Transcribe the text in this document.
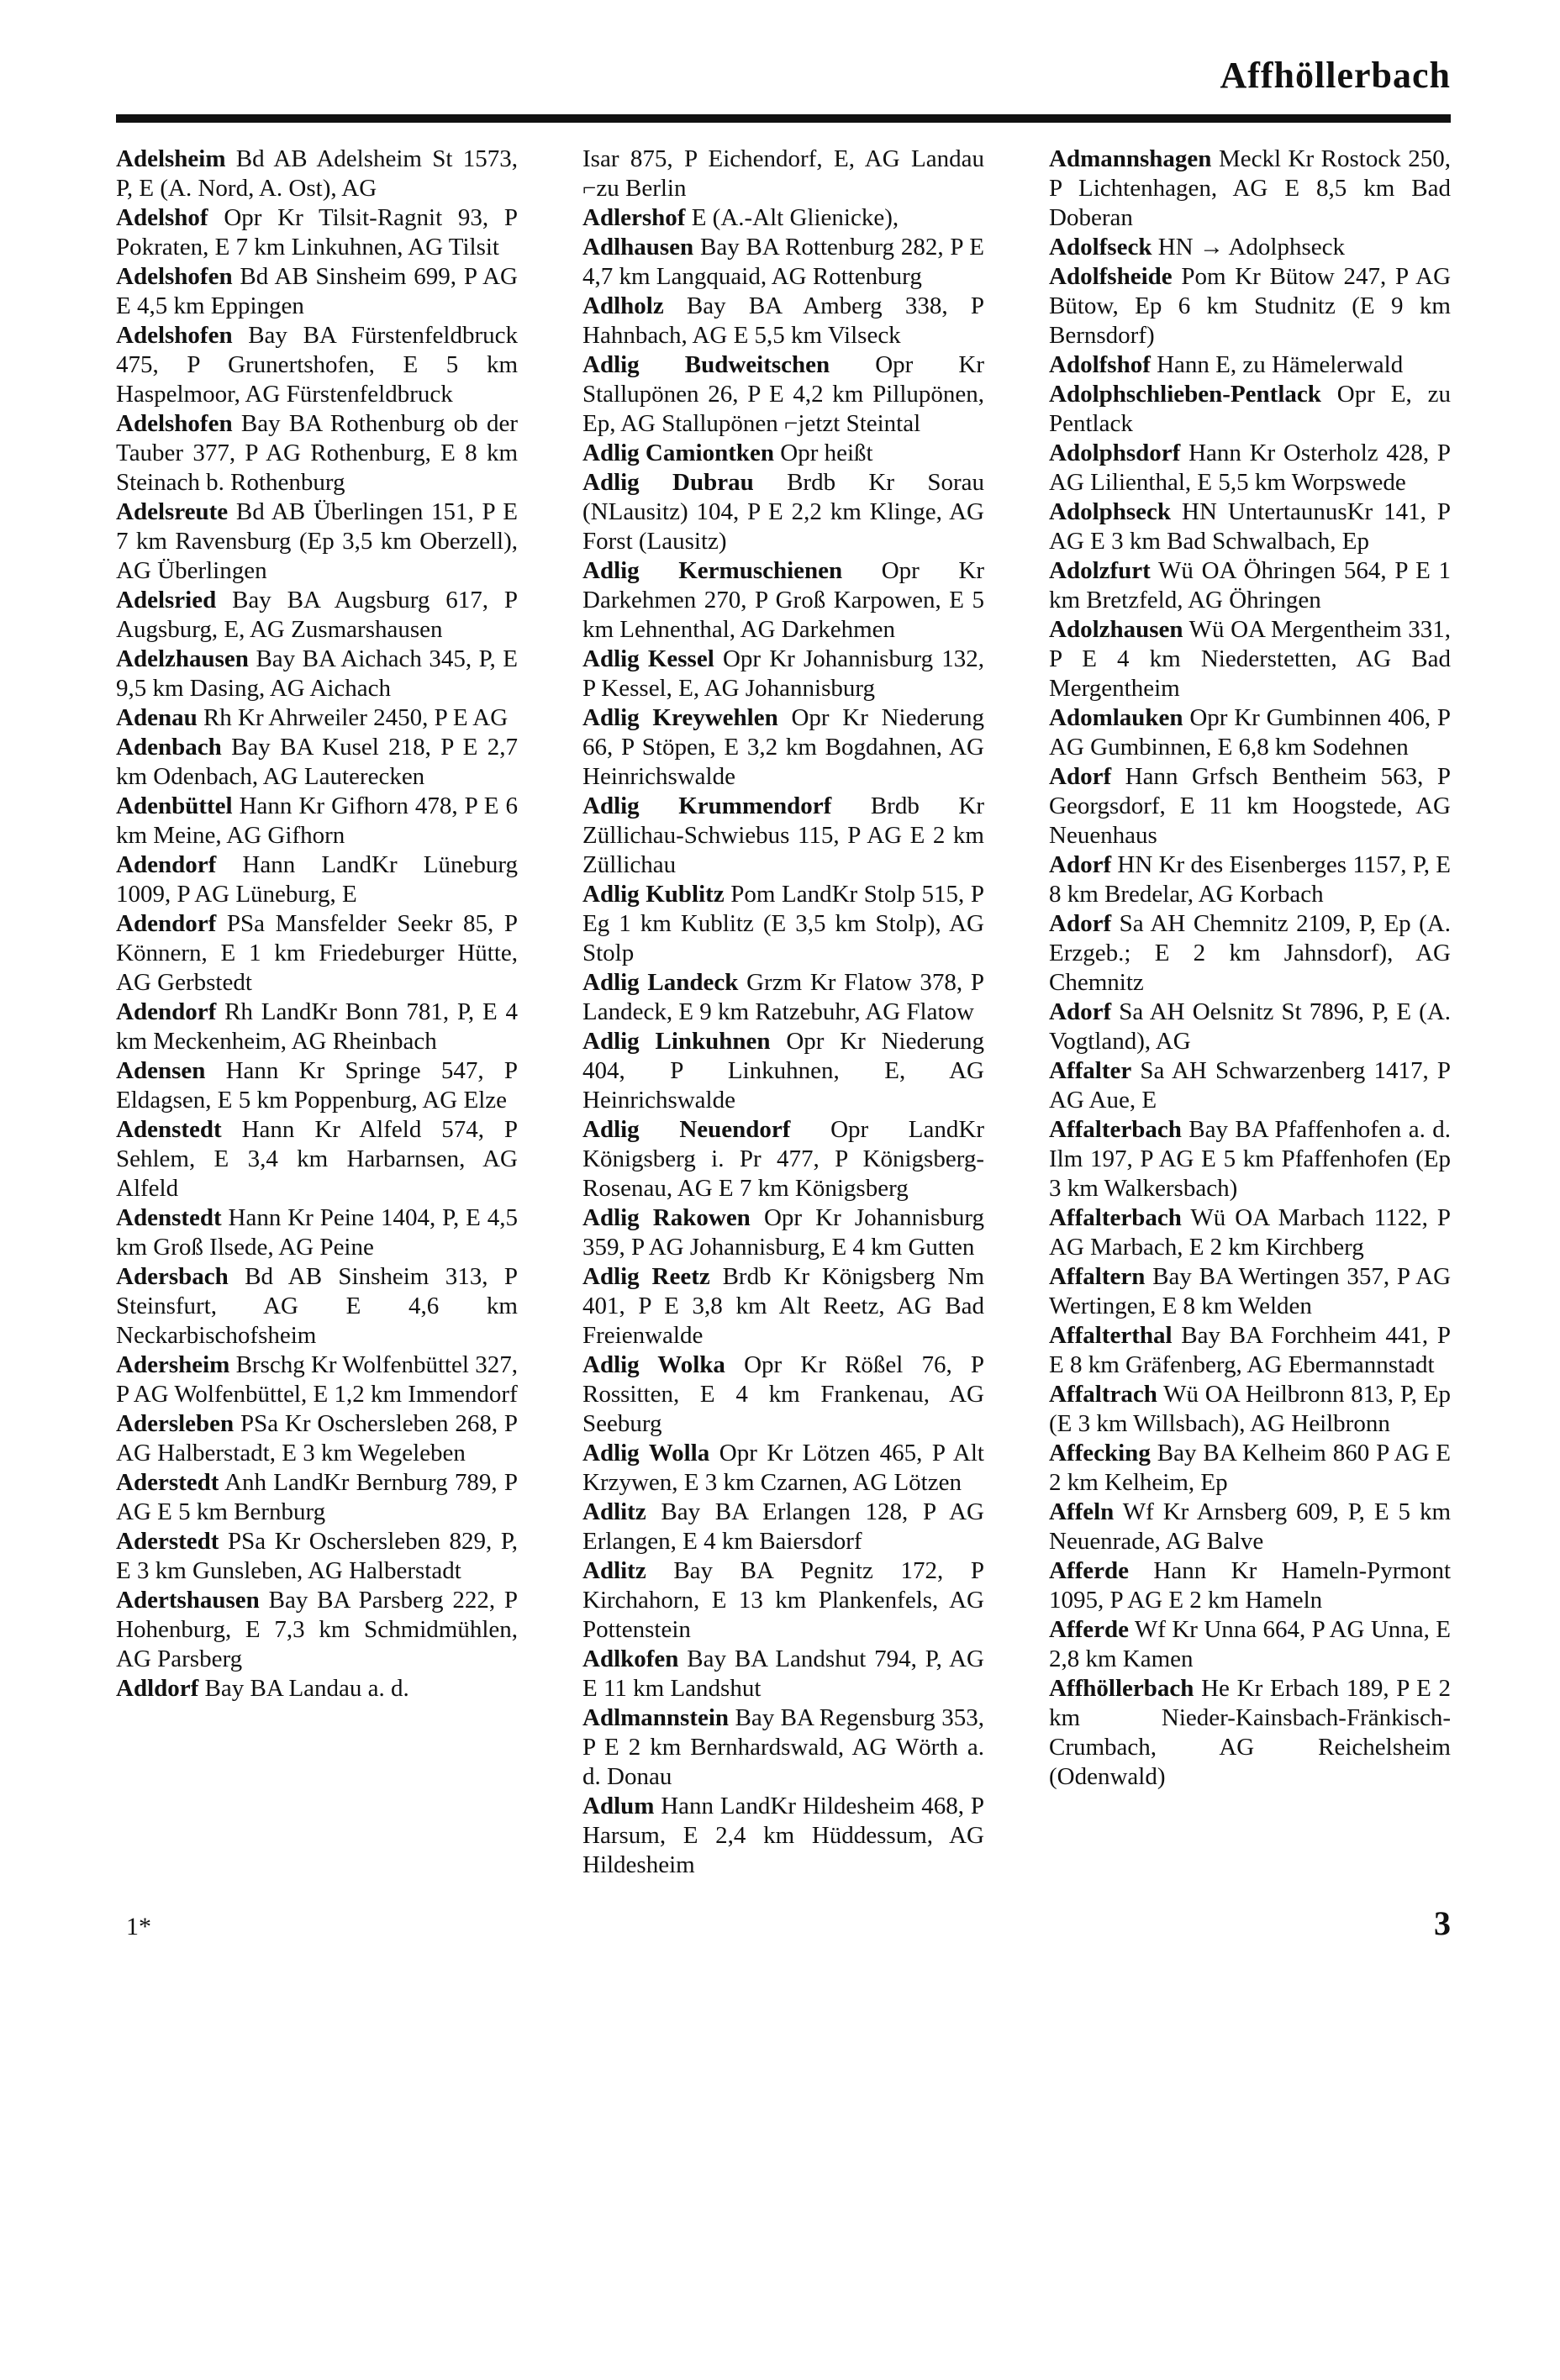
Affhöllerbach

Adelsheim Bd AB Adelsheim St 1573, P, E (A. Nord, A. Ost), AG

Adelshof Opr Kr Tilsit-Ragnit 93, P Pokraten, E 7 km Linkuhnen, AG Tilsit

Adelshofen Bd AB Sinsheim 699, P AG E 4,5 km Eppingen

Adelshofen Bay BA Fürstenfeldbruck 475, P Grunertshofen, E 5 km Haspelmoor, AG Fürstenfeldbruck

Adelshofen Bay BA Rothenburg ob der Tauber 377, P AG Rothenburg, E 8 km Steinach b. Rothenburg

Adelsreute Bd AB Überlingen 151, P E 7 km Ravensburg (Ep 3,5 km Oberzell), AG Überlingen

Adelsried Bay BA Augsburg 617, P Augsburg, E, AG Zusmarshausen

Adelzhausen Bay BA Aichach 345, P, E 9,5 km Dasing, AG Aichach

Adenau Rh Kr Ahrweiler 2450, P E AG

Adenbach Bay BA Kusel 218, P E 2,7 km Odenbach, AG Lauterecken

Adenbüttel Hann Kr Gifhorn 478, P E 6 km Meine, AG Gifhorn

Adendorf Hann LandKr Lüneburg 1009, P AG Lüneburg, E

Adendorf PSa Mansfelder Seekr 85, P Könnern, E 1 km Friedeburger Hütte, AG Gerbstedt

Adendorf Rh LandKr Bonn 781, P, E 4 km Meckenheim, AG Rheinbach

Adensen Hann Kr Springe 547, P Eldagsen, E 5 km Poppenburg, AG Elze

Adenstedt Hann Kr Alfeld 574, P Sehlem, E 3,4 km Harbarnsen, AG Alfeld

Adenstedt Hann Kr Peine 1404, P, E 4,5 km Groß Ilsede, AG Peine

Adersbach Bd AB Sinsheim 313, P Steinsfurt, AG E 4,6 km Neckarbischofsheim

Adersheim Brschg Kr Wolfenbüttel 327, P AG Wolfenbüttel, E 1,2 km Immendorf

Adersleben PSa Kr Oschersleben 268, P AG Halberstadt, E 3 km Wegeleben

Aderstedt Anh LandKr Bernburg 789, P AG E 5 km Bernburg

Aderstedt PSa Kr Oschersleben 829, P, E 3 km Gunsleben, AG Halberstadt

Adertshausen Bay BA Parsberg 222, P Hohenburg, E 7,3 km Schmidmühlen, AG Parsberg

Adldorf Bay BA Landau a. d.

Isar 875, P Eichendorf, E, AG Landau ⌐zu Berlin

Adlershof E (A.-Alt Glienicke),

Adlhausen Bay BA Rottenburg 282, P E 4,7 km Langquaid, AG Rottenburg

Adlholz Bay BA Amberg 338, P Hahnbach, AG E 5,5 km Vilseck

Adlig Budweitschen Opr Kr Stallupönen 26, P E 4,2 km Pillupönen, Ep, AG Stallupönen ⌐jetzt Steintal

Adlig Camiontken Opr heißt

Adlig Dubrau Brdb Kr Sorau (NLausitz) 104, P E 2,2 km Klinge, AG Forst (Lausitz)

Adlig Kermuschienen Opr Kr Darkehmen 270, P Groß Karpowen, E 5 km Lehnenthal, AG Darkehmen

Adlig Kessel Opr Kr Johannisburg 132, P Kessel, E, AG Johannisburg

Adlig Kreywehlen Opr Kr Niederung 66, P Stöpen, E 3,2 km Bogdahnen, AG Heinrichswalde

Adlig Krummendorf Brdb Kr Züllichau-Schwiebus 115, P AG E 2 km Züllichau

Adlig Kublitz Pom LandKr Stolp 515, P Eg 1 km Kublitz (E 3,5 km Stolp), AG Stolp

Adlig Landeck Grzm Kr Flatow 378, P Landeck, E 9 km Ratzebuhr, AG Flatow

Adlig Linkuhnen Opr Kr Niederung 404, P Linkuhnen, E, AG Heinrichswalde

Adlig Neuendorf Opr LandKr Königsberg i. Pr 477, P Königsberg-Rosenau, AG E 7 km Königsberg

Adlig Rakowen Opr Kr Johannisburg 359, P AG Johannisburg, E 4 km Gutten

Adlig Reetz Brdb Kr Königsberg Nm 401, P E 3,8 km Alt Reetz, AG Bad Freienwalde

Adlig Wolka Opr Kr Rößel 76, P Rossitten, E 4 km Frankenau, AG Seeburg

Adlig Wolla Opr Kr Lötzen 465, P Alt Krzywen, E 3 km Czarnen, AG Lötzen

Adlitz Bay BA Erlangen 128, P AG Erlangen, E 4 km Baiersdorf

Adlitz Bay BA Pegnitz 172, P Kirchahorn, E 13 km Plankenfels, AG Pottenstein

Adlkofen Bay BA Landshut 794, P, AG E 11 km Landshut

Adlmannstein Bay BA Regensburg 353, P E 2 km Bernhardswald, AG Wörth a. d. Donau

Adlum Hann LandKr Hildesheim 468, P Harsum, E 2,4 km Hüddessum, AG Hildesheim

Admannshagen Meckl Kr Rostock 250, P Lichtenhagen, AG E 8,5 km Bad Doberan

Adolfseck HN → Adolphseck

Adolfsheide Pom Kr Bütow 247, P AG Bütow, Ep 6 km Studnitz (E 9 km Bernsdorf)

Adolfshof Hann E, zu Hämelerwald

Adolphschlieben-Pentlack Opr E, zu Pentlack

Adolphsdorf Hann Kr Osterholz 428, P AG Lilienthal, E 5,5 km Worpswede

Adolphseck HN UntertaunusKr 141, P AG E 3 km Bad Schwalbach, Ep

Adolzfurt Wü OA Öhringen 564, P E 1 km Bretzfeld, AG Öhringen

Adolzhausen Wü OA Mergentheim 331, P E 4 km Niederstetten, AG Bad Mergentheim

Adomlauken Opr Kr Gumbinnen 406, P AG Gumbinnen, E 6,8 km Sodehnen

Adorf Hann Grfsch Bentheim 563, P Georgsdorf, E 11 km Hoogstede, AG Neuenhaus

Adorf HN Kr des Eisenberges 1157, P, E 8 km Bredelar, AG Korbach

Adorf Sa AH Chemnitz 2109, P, Ep (A. Erzgeb.; E 2 km Jahnsdorf), AG Chemnitz

Adorf Sa AH Oelsnitz St 7896, P, E (A. Vogtland), AG

Affalter Sa AH Schwarzenberg 1417, P AG Aue, E

Affalterbach Bay BA Pfaffenhofen a. d. Ilm 197, P AG E 5 km Pfaffenhofen (Ep 3 km Walkersbach)

Affalterbach Wü OA Marbach 1122, P AG Marbach, E 2 km Kirchberg

Affaltern Bay BA Wertingen 357, P AG Wertingen, E 8 km Welden

Affalterthal Bay BA Forchheim 441, P E 8 km Gräfenberg, AG Ebermannstadt

Affaltrach Wü OA Heilbronn 813, P, Ep (E 3 km Willsbach), AG Heilbronn

Affecking Bay BA Kelheim 860 P AG E 2 km Kelheim, Ep

Affeln Wf Kr Arnsberg 609, P, E 5 km Neuenrade, AG Balve

Afferde Hann Kr Hameln-Pyrmont 1095, P AG E 2 km Hameln

Afferde Wf Kr Unna 664, P AG Unna, E 2,8 km Kamen

Affhöllerbach He Kr Erbach 189, P E 2 km Nieder-Kainsbach-Fränkisch-Crumbach, AG Reichelsheim (Odenwald)

1*	3
